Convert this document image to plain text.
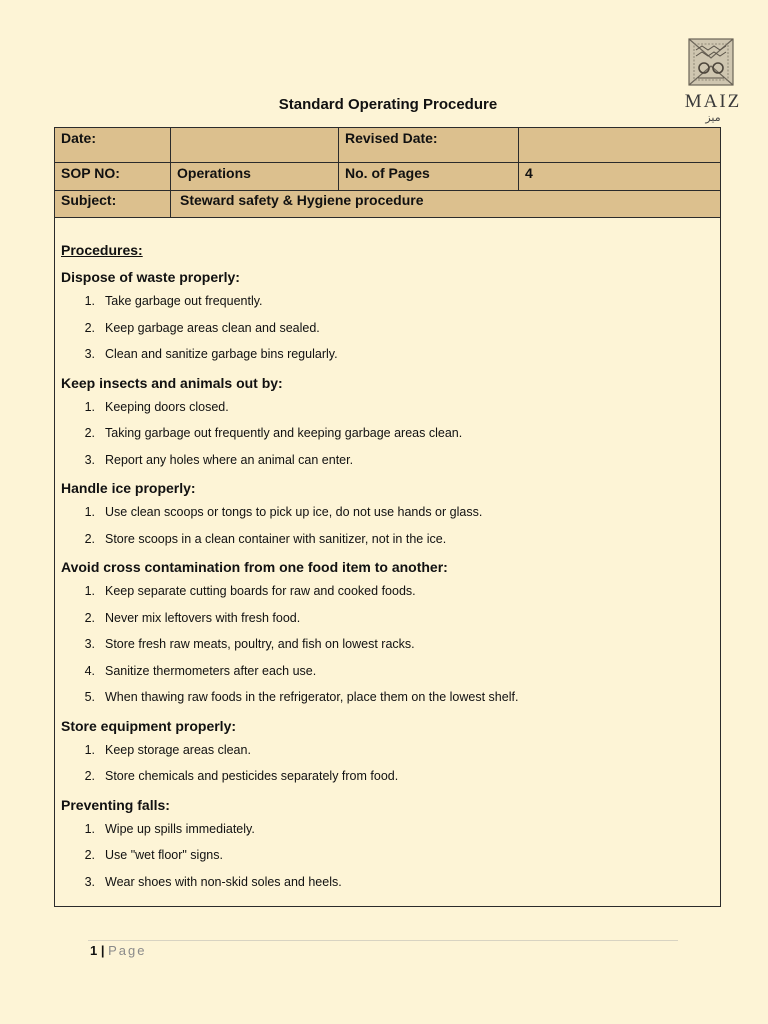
MAIZ
ميز
Standard Operating Procedure
Date:		Revised Date:	
SOP NO:	Operations	No. of Pages	4
Subject:	Steward safety & Hygiene procedure		
Procedures:
Dispose of waste properly:
1. Take garbage out frequently.
2. Keep garbage areas clean and sealed.
3. Clean and sanitize garbage bins regularly.
Keep insects and animals out by:
1. Keeping doors closed.
2. Taking garbage out frequently and keeping garbage areas clean.
3. Report any holes where an animal can enter.
Handle ice properly:
1. Use clean scoops or tongs to pick up ice, do not use hands or glass.
2. Store scoops in a clean container with sanitizer, not in the ice.
Avoid cross contamination from one food item to another:
1. Keep separate cutting boards for raw and cooked foods.
2. Never mix leftovers with fresh food.
3. Store fresh raw meats, poultry, and fish on lowest racks.
4. Sanitize thermometers after each use.
5. When thawing raw foods in the refrigerator, place them on the lowest shelf.
Store equipment properly:
1. Keep storage areas clean.
2. Store chemicals and pesticides separately from food.
Preventing falls:
1. Wipe up spills immediately.
2. Use "wet floor" signs.
3. Wear shoes with non-skid soles and heels.
1 | Page
